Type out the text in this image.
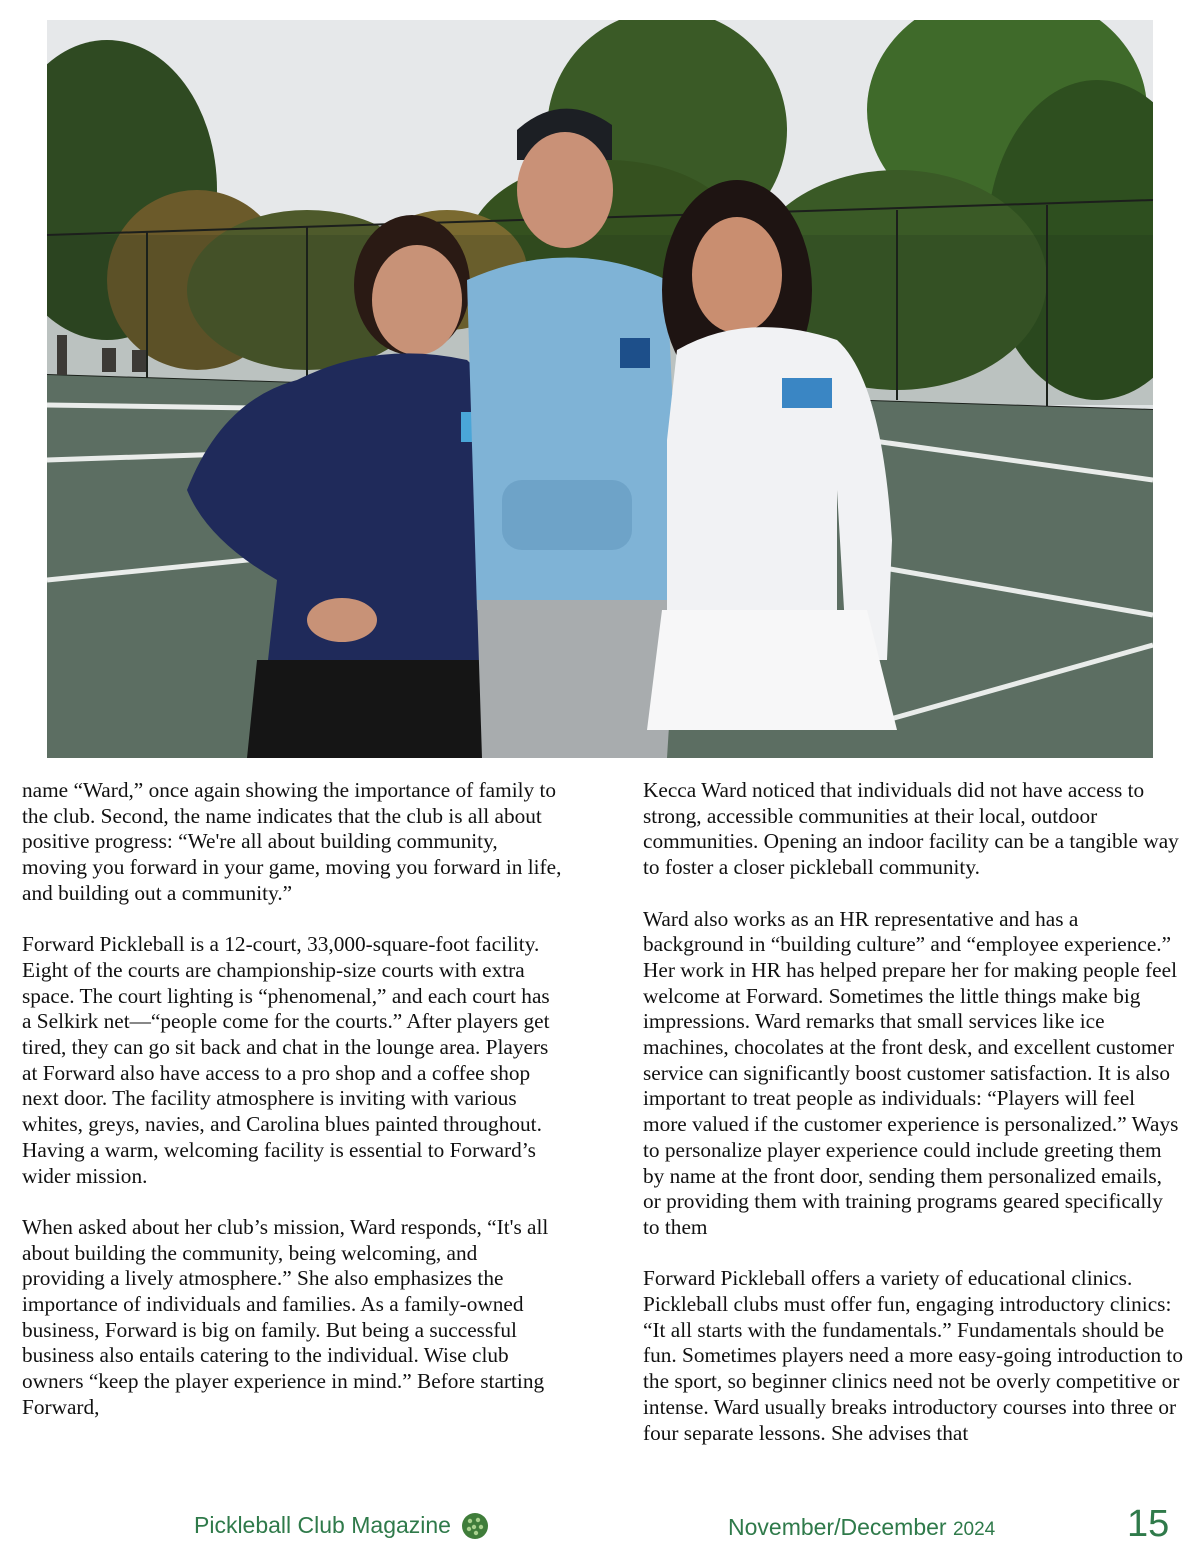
name “Ward,” once again showing the importance of family to the club. Second, the name indicates that the club is all about positive progress: “We're all about building community, moving you forward in your game, moving you forward in life, and building out a community.”

Forward Pickleball is a 12-court, 33,000-square-foot facility. Eight of the courts are championship-size courts with extra space. The court lighting is “phenomenal,” and each court has a Selkirk net—“people come for the courts.” After players get tired, they can go sit back and chat in the lounge area. Players at Forward also have access to a pro shop and a coffee shop next door. The facility atmosphere is inviting with various whites, greys, navies, and Carolina blues painted throughout. Having a warm, welcoming facility is essential to Forward’s wider mission.

When asked about her club’s mission, Ward responds, “It's all about building the community, being welcoming, and providing a lively atmosphere.” She also emphasizes the importance of individuals and families. As a family-owned business, Forward is big on family. But being a successful business also entails catering to the individual. Wise club owners “keep the player experience in mind.” Before starting Forward,

Kecca Ward noticed that individuals did not have access to strong, accessible communities at their local, outdoor communities. Opening an indoor facility can be a tangible way to foster a closer pickleball community.

Ward also works as an HR representative and has a background in “building culture” and “employee experience.” Her work in HR has helped prepare her for making people feel welcome at Forward. Sometimes the little things make big impressions. Ward remarks that small services like ice machines, chocolates at the front desk, and excellent customer service can significantly boost customer satisfaction. It is also important to treat people as individuals: “Players will feel more valued if the customer experience is personalized.” Ways to personalize player experience could include greeting them by name at the front door, sending them personalized emails, or providing them with training programs geared specifically to them

Forward Pickleball offers a variety of educational clinics. Pickleball clubs must offer fun, engaging introductory clinics: “It all starts with the fundamentals.” Fundamentals should be fun. Sometimes players need a more easy-going introduction to the sport, so beginner clinics need not be overly competitive or intense. Ward usually breaks introductory courses into three or four separate lessons. She advises that

Pickleball Club Magazine	November/December 2024	15
